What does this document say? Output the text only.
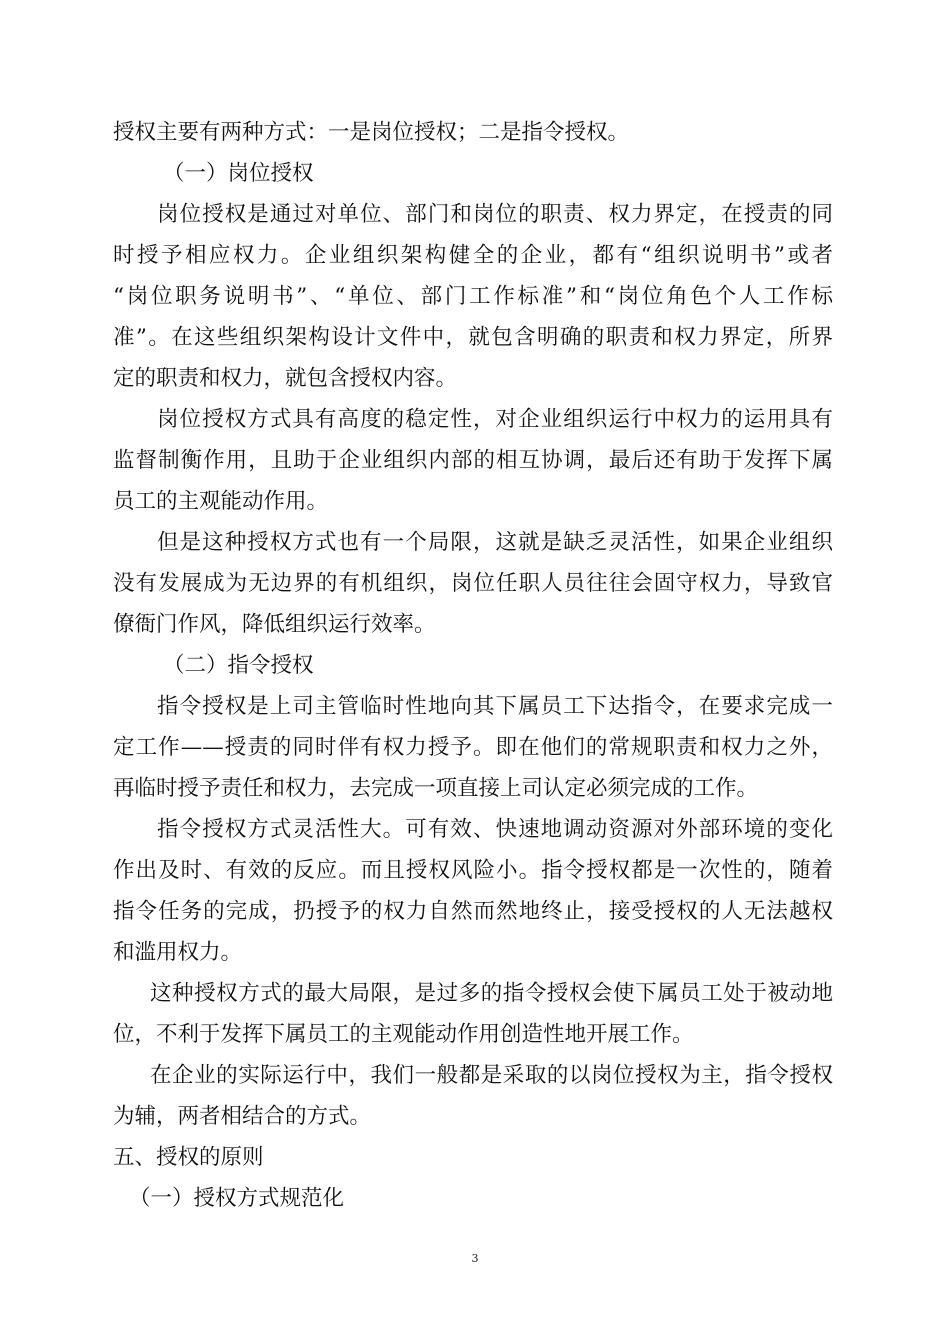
授权主要有两种方式：一是岗位授权；二是指令授权。
（一）岗位授权
岗位授权是通过对单位、部门和岗位的职责、权力界定，在授责的同
时授予相应权力。企业组织架构健全的企业，都有“组织说明书”或者
“岗位职务说明书”、“单位、部门工作标准”和“岗位角色个人工作标
准”。在这些组织架构设计文件中，就包含明确的职责和权力界定，所界
定的职责和权力，就包含授权内容。
岗位授权方式具有高度的稳定性，对企业组织运行中权力的运用具有
监督制衡作用，且助于企业组织内部的相互协调，最后还有助于发挥下属
员工的主观能动作用。
但是这种授权方式也有一个局限，这就是缺乏灵活性，如果企业组织
没有发展成为无边界的有机组织，岗位任职人员往往会固守权力，导致官
僚衙门作风，降低组织运行效率。
（二）指令授权
指令授权是上司主管临时性地向其下属员工下达指令，在要求完成一
定工作——授责的同时伴有权力授予。即在他们的常规职责和权力之外，
再临时授予责任和权力，去完成一项直接上司认定必须完成的工作。
指令授权方式灵活性大。可有效、快速地调动资源对外部环境的变化
作出及时、有效的反应。而且授权风险小。指令授权都是一次性的，随着
指令任务的完成，扔授予的权力自然而然地终止，接受授权的人无法越权
和滥用权力。
这种授权方式的最大局限，是过多的指令授权会使下属员工处于被动地
位，不利于发挥下属员工的主观能动作用创造性地开展工作。
在企业的实际运行中，我们一般都是采取的以岗位授权为主，指令授权
为辅，两者相结合的方式。
五、授权的原则
（一）授权方式规范化
3
